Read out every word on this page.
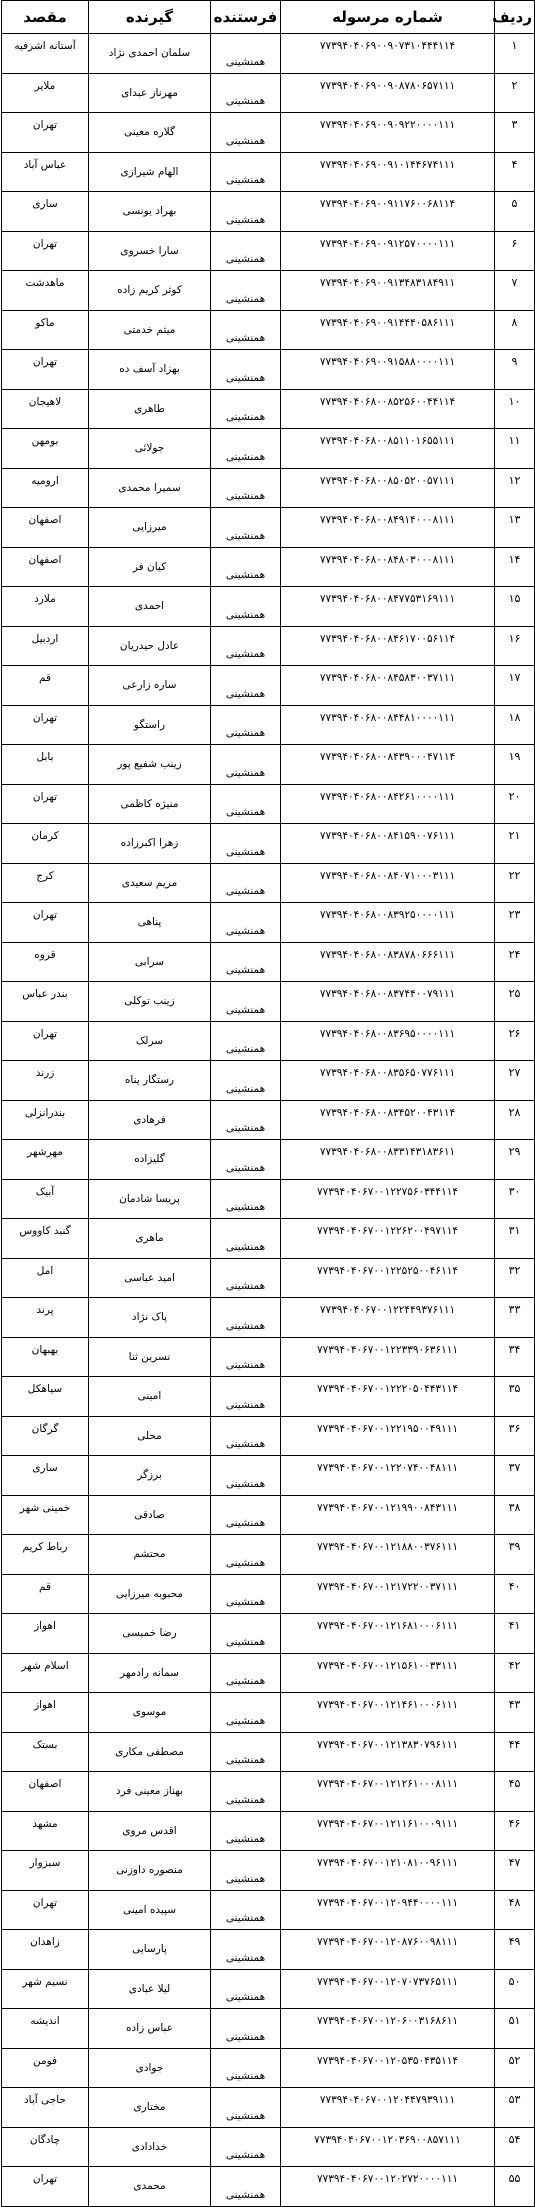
ردیف	شماره مرسوله	فرستنده	گیرنده	مقصد
۱	۷۷۳۹۴۰۴۰۶۹۰۰۹۰۷۳۱۰۴۴۴۱۱۴	همنشینی	سلمان احمدی نژاد	آستانه اشرفیه
۲	۷۷۳۹۴۰۴۰۶۹۰۰۹۰۸۷۸۰۶۵۷۱۱۱	همنشینی	مهرناز عبدای	ملایر
۳	۷۷۳۹۴۰۴۰۶۹۰۰۹۰۹۲۲۰۰۰۰۱۱۱	همنشینی	گلاره معینی	تهران
۴	۷۷۳۹۴۰۴۰۶۹۰۰۹۱۰۱۴۴۶۷۴۱۱۱	همنشینی	الهام شیرازی	عباس آباد
۵	۷۷۳۹۴۰۴۰۶۹۰۰۹۱۱۷۶۰۰۶۸۱۱۴	همنشینی	بهراد یونسی	ساری
۶	۷۷۳۹۴۰۴۰۶۹۰۰۹۱۲۵۷۰۰۰۰۱۱۱	همنشینی	سارا خسروی	تهران
۷	۷۷۳۹۴۰۴۰۶۹۰۰۹۱۳۴۸۳۱۸۴۹۱۱	همنشینی	کوثر کریم زاده	ماهدشت
۸	۷۷۳۹۴۰۴۰۶۹۰۰۹۱۴۴۴۰۵۸۶۱۱۱	همنشینی	میثم خدمتی	ماکو
۹	۷۷۳۹۴۰۴۰۶۹۰۰۹۱۵۸۸۰۰۰۰۱۱۱	همنشینی	بهزاد آسف ده	تهران
۱۰	۷۷۳۹۴۰۴۰۶۸۰۰۸۵۲۵۶۰۰۴۴۱۱۴	همنشینی	طاهری	لاهیجان
۱۱	۷۷۳۹۴۰۴۰۶۸۰۰۸۵۱۱۰۱۶۵۵۱۱۱	همنشینی	جولائی	بومهن
۱۲	۷۷۳۹۴۰۴۰۶۸۰۰۸۵۰۵۲۰۰۵۷۱۱۱	همنشینی	سمیرا محمدی	ارومیه
۱۳	۷۷۳۹۴۰۴۰۶۸۰۰۸۴۹۱۴۰۰۰۸۱۱۱	همنشینی	میرزایی	اصفهان
۱۴	۷۷۳۹۴۰۴۰۶۸۰۰۸۴۸۰۳۰۰۰۸۱۱۱	همنشینی	کیان فر	اصفهان
۱۵	۷۷۳۹۴۰۴۰۶۸۰۰۸۴۷۷۵۳۱۶۹۱۱۱	همنشینی	احمدی	ملارد
۱۶	۷۷۳۹۴۰۴۰۶۸۰۰۸۴۶۱۷۰۰۵۶۱۱۴	همنشینی	عادل حیدریان	اردبیل
۱۷	۷۷۳۹۴۰۴۰۶۸۰۰۸۴۵۸۳۰۰۳۷۱۱۱	همنشینی	ساره زارعی	قم
۱۸	۷۷۳۹۴۰۴۰۶۸۰۰۸۴۴۸۱۰۰۰۰۱۱۱	همنشینی	راستگو	تهران
۱۹	۷۷۳۹۴۰۴۰۶۸۰۰۸۴۳۹۰۰۰۴۷۱۱۴	همنشینی	زینب شفیع پور	بابل
۲۰	۷۷۳۹۴۰۴۰۶۸۰۰۸۴۲۶۱۰۰۰۰۱۱۱	همنشینی	منیژه کاظمی	تهران
۲۱	۷۷۳۹۴۰۴۰۶۸۰۰۸۴۱۵۹۰۰۷۶۱۱۱	همنشینی	زهرا اکبرزاده	کرمان
۲۲	۷۷۳۹۴۰۴۰۶۸۰۰۸۴۰۷۱۰۰۰۳۱۱۱	همنشینی	مریم سعیدی	کرج
۲۳	۷۷۳۹۴۰۴۰۶۸۰۰۸۳۹۲۵۰۰۰۰۱۱۱	همنشینی	پناهی	تهران
۲۴	۷۷۳۹۴۰۴۰۶۸۰۰۸۳۸۷۸۰۶۶۶۱۱۱	همنشینی	سرابی	قروه
۲۵	۷۷۳۹۴۰۴۰۶۸۰۰۸۳۷۴۴۰۰۷۹۱۱۱	همنشینی	زینب توکلی	بندر عباس
۲۶	۷۷۳۹۴۰۴۰۶۸۰۰۸۳۶۹۵۰۰۰۰۱۱۱	همنشینی	سرلک	تهران
۲۷	۷۷۳۹۴۰۴۰۶۸۰۰۸۳۵۶۵۰۷۷۶۱۱۱	همنشینی	رستگار پناه	زرند
۲۸	۷۷۳۹۴۰۴۰۶۸۰۰۸۳۴۵۲۰۰۴۳۱۱۴	همنشینی	فرهادی	بندرانزلی
۲۹	۷۷۳۹۴۰۴۰۶۸۰۰۸۳۳۱۴۳۱۸۳۶۱۱	همنشینی	گلیزاده	مهرشهر
۳۰	۷۷۳۹۴۰۴۰۶۷۰۰۱۲۲۷۵۶۰۳۴۴۱۱۴	همنشینی	پریسا شادمان	آبیک
۳۱	۷۷۳۹۴۰۴۰۶۷۰۰۱۲۲۶۲۰۰۴۹۷۱۱۴	همنشینی	ماهری	گنبد کاووس
۳۲	۷۷۳۹۴۰۴۰۶۷۰۰۱۲۲۵۲۵۰۰۴۶۱۱۴	همنشینی	امید عباسی	امل
۳۳	۷۷۳۹۴۰۴۰۶۷۰۰۱۲۲۴۴۹۳۷۶۱۱۱	همنشینی	پاک نژاد	پرند
۳۴	۷۷۳۹۴۰۴۰۶۷۰۰۱۲۲۳۳۹۰۶۳۶۱۱۱	همنشینی	نسرین ثنا	بهبهان
۳۵	۷۷۳۹۴۰۴۰۶۷۰۰۱۲۲۲۰۵۰۴۴۳۱۱۴	همنشینی	امینی	سیاهکل
۳۶	۷۷۳۹۴۰۴۰۶۷۰۰۱۲۲۱۹۵۰۰۴۹۱۱۱	همنشینی	محلی	گرگان
۳۷	۷۷۳۹۴۰۴۰۶۷۰۰۱۲۲۰۷۴۰۰۴۸۱۱۱	همنشینی	برزگر	ساری
۳۸	۷۷۳۹۴۰۴۰۶۷۰۰۱۲۱۹۹۰۰۸۴۳۱۱۱	همنشینی	صادقی	خمینی شهر
۳۹	۷۷۳۹۴۰۴۰۶۷۰۰۱۲۱۸۸۰۰۳۷۶۱۱۱	همنشینی	محتشم	رباط کریم
۴۰	۷۷۳۹۴۰۴۰۶۷۰۰۱۲۱۷۲۲۰۰۳۷۱۱۱	همنشینی	محبوبه میرزایی	قم
۴۱	۷۷۳۹۴۰۴۰۶۷۰۰۱۲۱۶۸۱۰۰۰۶۱۱۱	همنشینی	رضا خمیسی	اهواز
۴۲	۷۷۳۹۴۰۴۰۶۷۰۰۱۲۱۵۶۱۰۰۳۳۱۱۱	همنشینی	سمانه رادمهر	اسلام شهر
۴۳	۷۷۳۹۴۰۴۰۶۷۰۰۱۲۱۴۶۱۰۰۰۶۱۱۱	همنشینی	موسوی	اهواز
۴۴	۷۷۳۹۴۰۴۰۶۷۰۰۱۲۱۳۸۳۰۷۹۶۱۱۱	همنشینی	مصطفی مکاری	بستک
۴۵	۷۷۳۹۴۰۴۰۶۷۰۰۱۲۱۲۶۱۰۰۰۸۱۱۱	همنشینی	بهناز معینی فرد	اصفهان
۴۶	۷۷۳۹۴۰۴۰۶۷۰۰۱۲۱۱۶۱۰۰۰۹۱۱۱	همنشینی	اقدس مروی	مشهد
۴۷	۷۷۳۹۴۰۴۰۶۷۰۰۱۲۱۰۸۱۰۰۹۶۱۱۱	همنشینی	منصوره داوزنی	سبزوار
۴۸	۷۷۳۹۴۰۴۰۶۷۰۰۱۲۰۹۴۴۰۰۰۰۱۱۱	همنشینی	سپیده امینی	تهران
۴۹	۷۷۳۹۴۰۴۰۶۷۰۰۱۲۰۸۷۶۰۰۹۸۱۱۱	همنشینی	پارسایی	زاهدان
۵۰	۷۷۳۹۴۰۴۰۶۷۰۰۱۲۰۷۰۷۳۷۶۵۱۱۱	همنشینی	لیلا عبادی	نسیم شهر
۵۱	۷۷۳۹۴۰۴۰۶۷۰۰۱۲۰۶۰۰۳۱۶۸۶۱۱	همنشینی	عباس زاده	اندیشه
۵۲	۷۷۳۹۴۰۴۰۶۷۰۰۱۲۰۵۳۵۰۴۳۵۱۱۴	همنشینی	جوادی	فومن
۵۳	۷۷۳۹۴۰۴۰۶۷۰۰۱۲۰۴۴۷۹۳۹۱۱۱	همنشینی	مختاری	حاجی آباد
۵۴	۷۷۳۹۴۰۴۰۶۷۰۰۱۲۰۳۶۹۰۰۸۵۷۱۱۱	همنشینی	خدادادی	چادگان
۵۵	۷۷۳۹۴۰۴۰۶۷۰۰۱۲۰۲۷۲۰۰۰۰۱۱۱	همنشینی	محمدی	تهران
